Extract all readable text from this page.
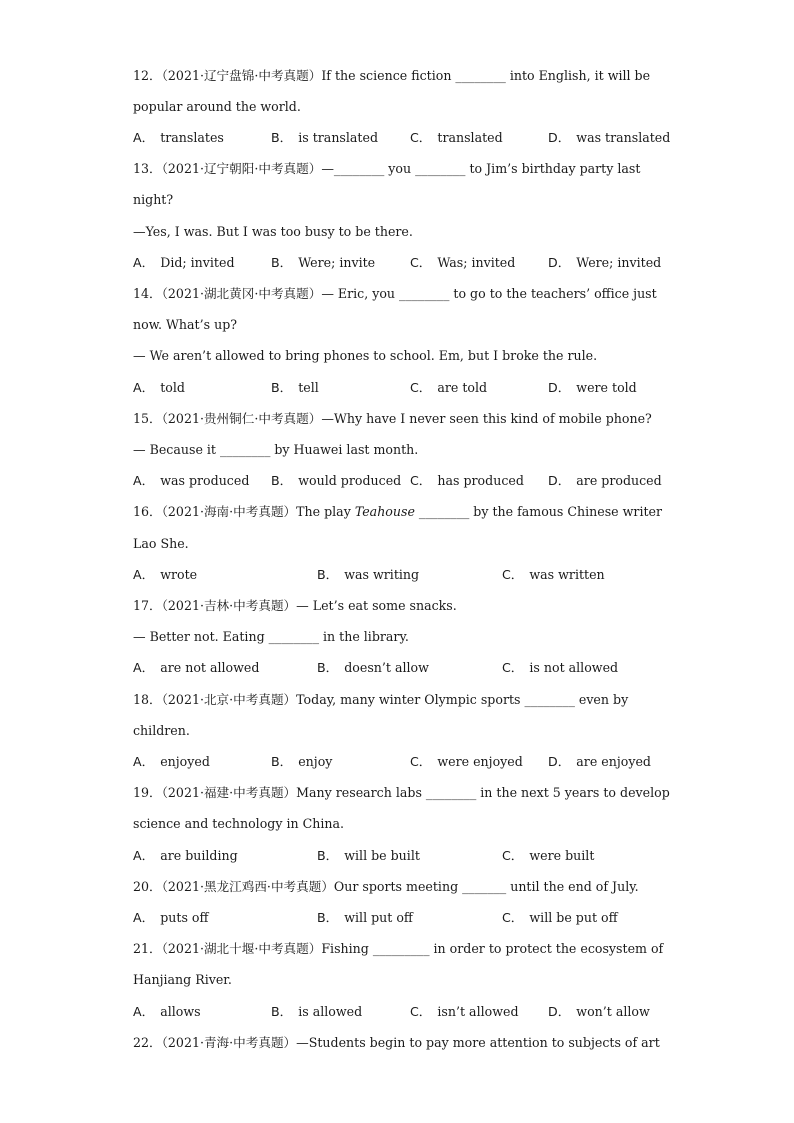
12．（2021·辽宁盘锦·中考真题）If the science fiction ________ into English, it will be
popular around the world.
A． translates	B． is translated	C． translated	D． was translated
13．（2021·辽宁朝阳·中考真题）—________ you ________ to Jim’s birthday party last
night?
—Yes, I was. But I was too busy to be there.
A． Did; invited	B． Were; invite	C． Was; invited	D． Were; invited
14．（2021·湖北黄冈·中考真题）— Eric, you ________ to go to the teachers’ office just
now. What’s up?
— We aren’t allowed to bring phones to school. Em, but I broke the rule.
A． told	B． tell	C． are told	D． were told
15．（2021·贵州铜仁·中考真题）—Why have I never seen this kind of mobile phone?
— Because it ________ by Huawei last month.
A． was produced B． would produced C． has produced D． are produced
16．（2021·海南·中考真题）The play Teahouse ________ by the famous Chinese writer
Lao She.
A． wrote	B． was writing	C． was written
17．（2021·吉林·中考真题）— Let’s eat some snacks.
— Better not. Eating ________ in the library.
A． are not allowed	B． doesn’t allow	C． is not allowed
18．（2021·北京·中考真题）Today, many winter Olympic sports ________ even by
children.
A． enjoyed	B． enjoy	C． were enjoyed D． are enjoyed
19．（2021·福建·中考真题）Many research labs ________ in the next 5 years to develop
science and technology in China.
A． are building	B． will be built	C． were built
20．（2021·黑龙江鸡西·中考真题）Our sports meeting _______ until the end of July.
A． puts off	B． will put off	C． will be put off
21．（2021·湖北十堰·中考真题）Fishing _________ in order to protect the ecosystem of
Hanjiang River.
A． allows	B． is allowed	C． isn’t allowed D． won’t allow
22．（2021·青海·中考真题）—Students begin to pay more attention to subjects of art
